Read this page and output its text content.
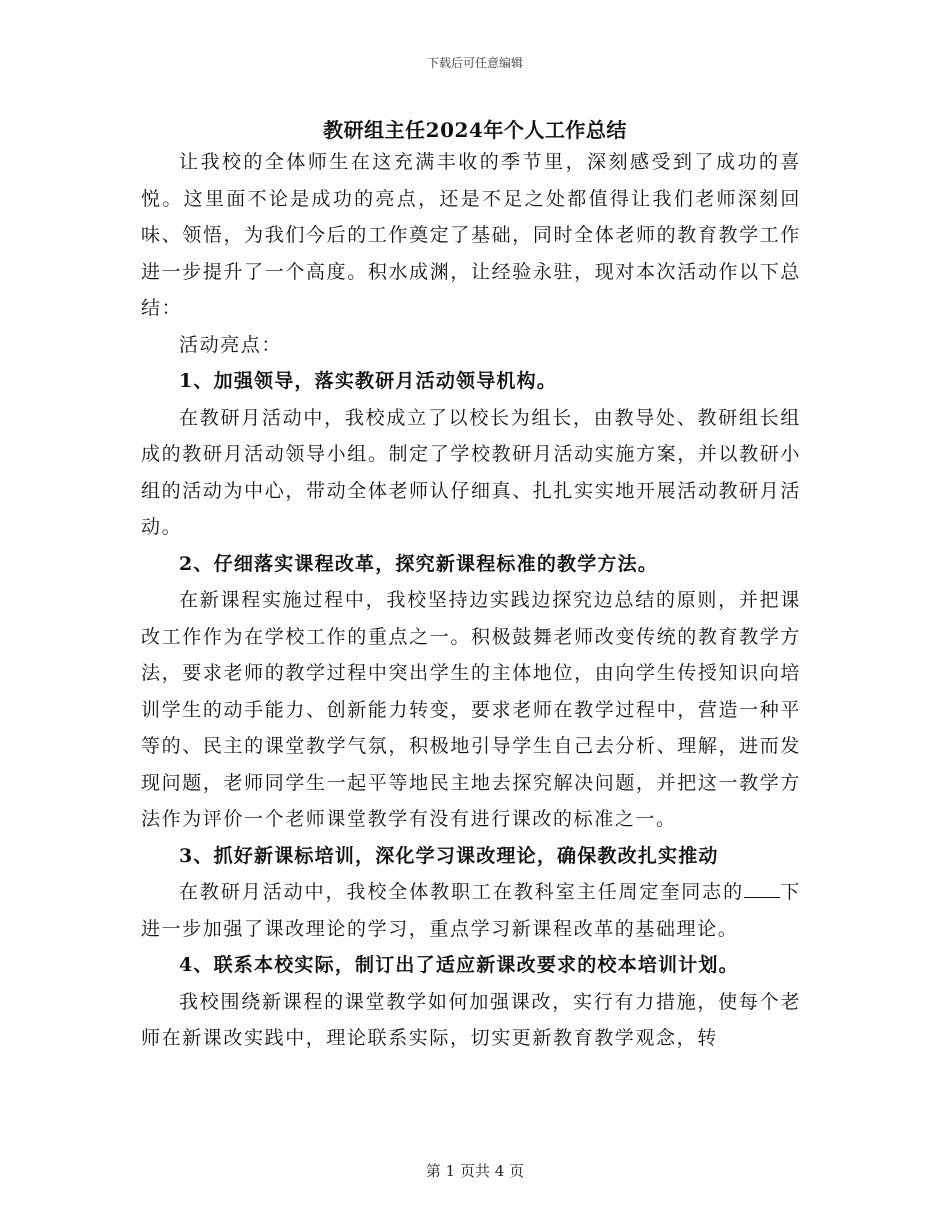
下载后可任意编辑
教研组主任2024年个人工作总结

让我校的全体师生在这充满丰收的季节里，深刻感受到了成功的喜悦。这里面不论是成功的亮点，还是不足之处都值得让我们老师深刻回味、领悟，为我们今后的工作奠定了基础，同时全体老师的教育教学工作进一步提升了一个高度。积水成渊，让经验永驻，现对本次活动作以下总结：

活动亮点：

1、加强领导，落实教研月活动领导机构。

在教研月活动中，我校成立了以校长为组长，由教导处、教研组长组成的教研月活动领导小组。制定了学校教研月活动实施方案，并以教研小组的活动为中心，带动全体老师认仔细真、扎扎实实地开展活动教研月活动。

2、仔细落实课程改革，探究新课程标准的教学方法。

在新课程实施过程中，我校坚持边实践边探究边总结的原则，并把课改工作作为在学校工作的重点之一。积极鼓舞老师改变传统的教育教学方法，要求老师的教学过程中突出学生的主体地位，由向学生传授知识向培训学生的动手能力、创新能力转变，要求老师在教学过程中，营造一种平等的、民主的课堂教学气氛，积极地引导学生自己去分析、理解，进而发现问题，老师同学生一起平等地民主地去探究解决问题，并把这一教学方法作为评价一个老师课堂教学有没有进行课改的标准之一。

3、抓好新课标培训，深化学习课改理论，确保教改扎实推动

在教研月活动中，我校全体教职工在教科室主任周定奎同志的 下进一步加强了课改理论的学习，重点学习新课程改革的基础理论。

4、联系本校实际，制订出了适应新课改要求的校本培训计划。

我校围绕新课程的课堂教学如何加强课改，实行有力措施，使每个老师在新课改实践中，理论联系实际，切实更新教育教学观念，转

第 1 页共 4 页
